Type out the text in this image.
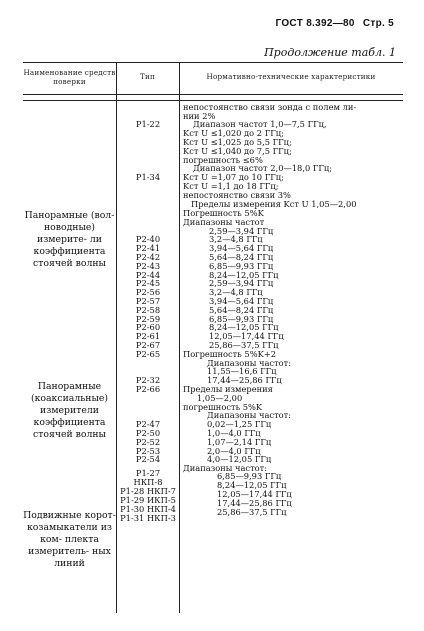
ГОСТ 8.392—80 Стр. 5
Продолжение табл. 1
Наименование средств поверки
Тип	Нормативно-технические характеристики
Панорамные (вол- новодные) измерите- ли коэффициента стоячей волны
Панорамные (коаксиальные) измерители коэффициента стоячей волны
Подвижные корот- козамыкатели из ком- плекта измеритель- ных линий
непостоянство связи зонда с полем ли-
нии 2%
Диапазон частот 1,0—7,5 ГГц,
Kст U ≤1,020 до 2 ГГц;
Kст U ≤1,025 до 5,5 ГГц;
Kст U ≤1,040 до 7,5 ГГц;
погрешность ≤6%
Диапазон частот 2,0—18,0 ГГц;
Kст U =1,07 до 10 ГГц;
Kст U =1,1 до 18 ГГц;
непостоянство связи 3%
Пределы измерения Kст U 1,05—2,00
Погрешность 5%K
Диапазоны частот
2,59—3,94 ГГц
3,2—4,8 ГГц
3,94—5,64 ГГц
5,64—8,24 ГГц
6,85—9,93 ГГц
8,24—12,05 ГГц
2,59—3,94 ГГц
3,2—4,8 ГГц
3,94—5,64 ГГц
5,64—8,24 ГГц
6,85—9,93 ГГц
8,24—12,05 ГГц
12,05—17,44 ГГц
25,86—37,5 ГГц
Погрешность 5%K+2
Диапазоны частот:
11,55—16,6 ГГц
17,44—25,86 ГГц
Пределы измерения
1,05—2,00
погрешность 5%K
Диапазоны частот:
0,02—1,25 ГГц
1,0—4,0 ГГц
1,07—2,14 ГГц
2,0—4,0 ГГц
4,0—12,05 ГГц
Диапазоны частот:
6,85—9,93 ГГц
8,24—12,05 ГГц
12,05—17,44 ГГц
17,44—25,86 ГГц
25,86—37,5 ГГц
Р1-22
Р1-34
Р2-40
Р2-41
Р2-42
Р2-43
Р2-44
Р2-45
Р2-56
Р2-57
Р2-58
Р2-59
Р2-60
Р2-61
Р2-67
Р2-65
Р2-32
Р2-66
Р2-47
Р2-50
Р2-52
Р2-53
Р2-54
Р1-27
НКП-8
Р1-28 НКП-7
Р1-29 ИКП-5
Р1-30 НКП-4
Р1-31 НКП-3
